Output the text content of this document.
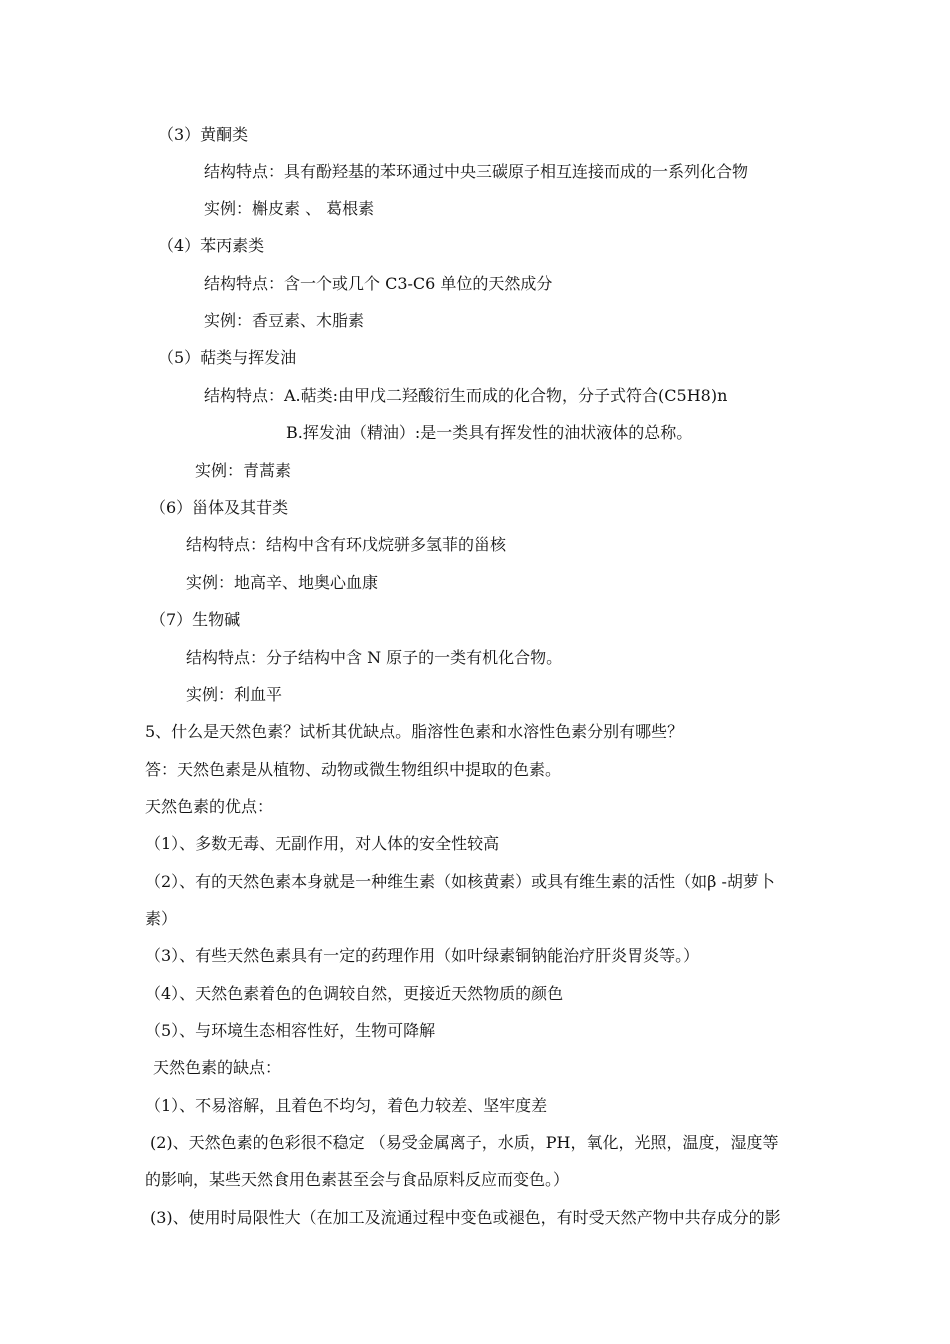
（3）黄酮类
结构特点：具有酚羟基的苯环通过中央三碳原子相互连接而成的一系列化合物
实例：槲皮素 、 葛根素
（4）苯丙素类
结构特点：含一个或几个 C3-C6 单位的天然成分
实例：香豆素、木脂素
（5）萜类与挥发油
结构特点：A.萜类:由甲戊二羟酸衍生而成的化合物，分子式符合(C5H8)n
B.挥发油（精油）:是一类具有挥发性的油状液体的总称。
实例：青蒿素
（6）甾体及其苷类
结构特点：结构中含有环戊烷骈多氢菲的甾核
实例：地高辛、地奥心血康
（7）生物碱
结构特点：分子结构中含 N 原子的一类有机化合物。
实例：利血平
5、什么是天然色素？试析其优缺点。脂溶性色素和水溶性色素分别有哪些？
答：天然色素是从植物、动物或微生物组织中提取的色素。
天然色素的优点：
（1）、多数无毒、无副作用，对人体的安全性较高
（2）、有的天然色素本身就是一种维生素（如核黄素）或具有维生素的活性（如β -胡萝卜
素）
（3）、有些天然色素具有一定的药理作用（如叶绿素铜钠能治疗肝炎胃炎等。）
（4）、天然色素着色的色调较自然，更接近天然物质的颜色
（5）、与环境生态相容性好，生物可降解
天然色素的缺点：
（1）、不易溶解，且着色不均匀，着色力较差、坚牢度差
(2)、天然色素的色彩很不稳定 （易受金属离子，水质，PH，氧化，光照，温度，湿度等
的影响，某些天然食用色素甚至会与食品原料反应而变色。）
(3)、使用时局限性大（在加工及流通过程中变色或褪色，有时受天然产物中共存成分的影
